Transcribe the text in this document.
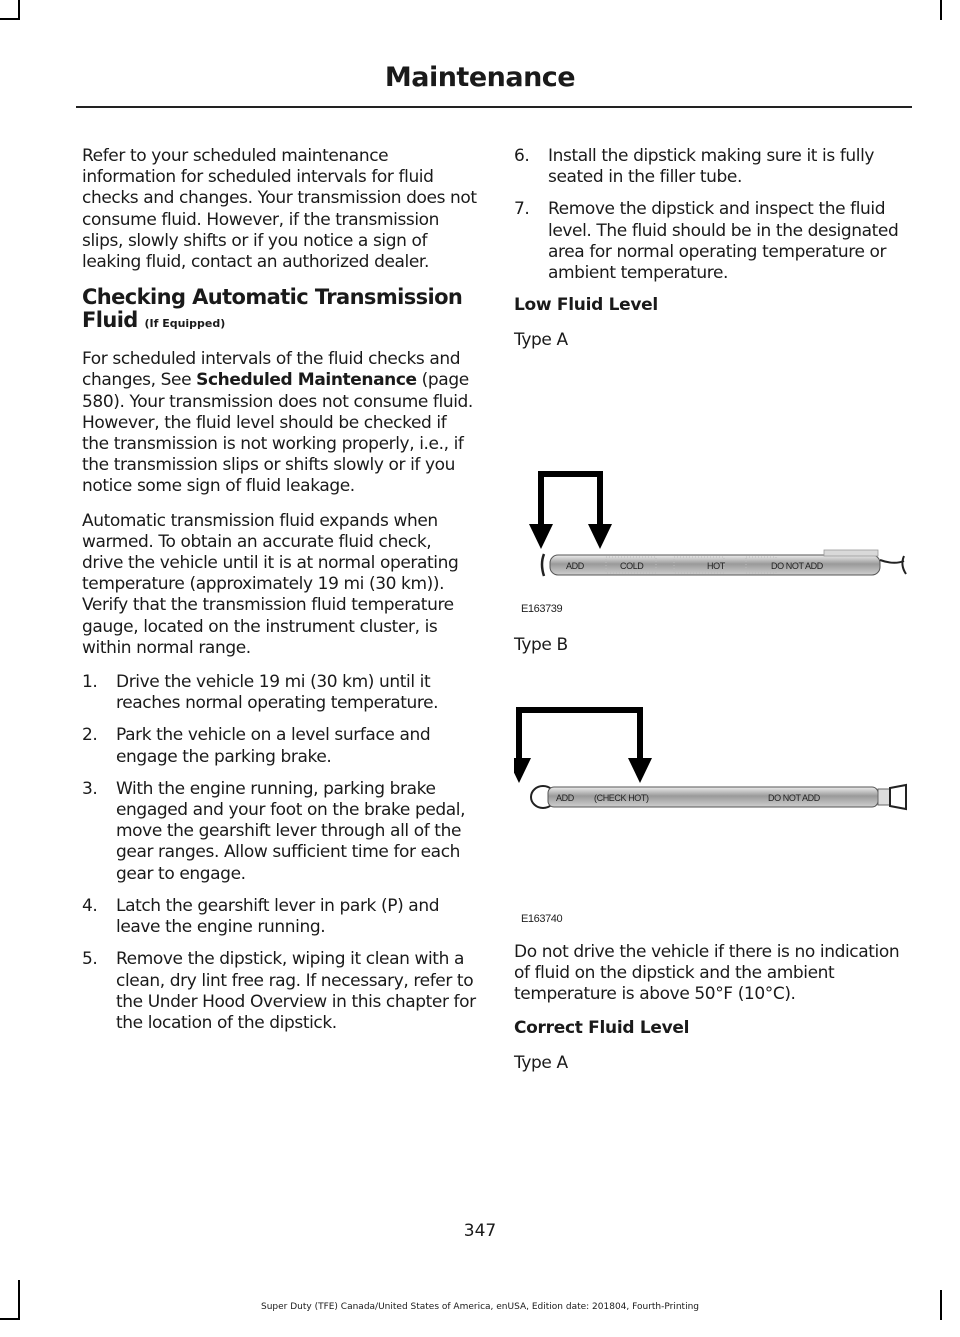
Maintenance

Refer to your scheduled maintenance information for scheduled intervals for fluid checks and changes. Your transmission does not consume fluid. However, if the transmission slips, slowly shifts or if you notice a sign of leaking fluid, contact an authorized dealer.

Checking Automatic Transmission Fluid (If Equipped)

For scheduled intervals of the fluid checks and changes, See Scheduled Maintenance (page 580). Your transmission does not consume fluid. However, the fluid level should be checked if the transmission is not working properly, i.e., if the transmission slips or shifts slowly or if you notice some sign of fluid leakage.

Automatic transmission fluid expands when warmed. To obtain an accurate fluid check, drive the vehicle until it is at normal operating temperature (approximately 19 mi (30 km)). Verify that the transmission fluid temperature gauge, located on the instrument cluster, is within normal range.

1. Drive the vehicle 19 mi (30 km) until it reaches normal operating temperature.
2. Park the vehicle on a level surface and engage the parking brake.
3. With the engine running, parking brake engaged and your foot on the brake pedal, move the gearshift lever through all of the gear ranges. Allow sufficient time for each gear to engage.
4. Latch the gearshift lever in park (P) and leave the engine running.
5. Remove the dipstick, wiping it clean with a clean, dry lint free rag. If necessary, refer to the Under Hood Overview in this chapter for the location of the dipstick.
6. Install the dipstick making sure it is fully seated in the filler tube.
7. Remove the dipstick and inspect the fluid level. The fluid should be in the designated area for normal operating temperature or ambient temperature.
Low Fluid Level

Type A

ADD	COLD	HOT	DO NOT ADD
E163739

Type B

ADD (CHECK HOT)	DO NOT ADD
E163740

Do not drive the vehicle if there is no indication of fluid on the dipstick and the ambient temperature is above 50°F (10°C).

Correct Fluid Level

Type A

347
Super Duty (TFE) Canada/United States of America, enUSA, Edition date: 201804, Fourth-Printing
